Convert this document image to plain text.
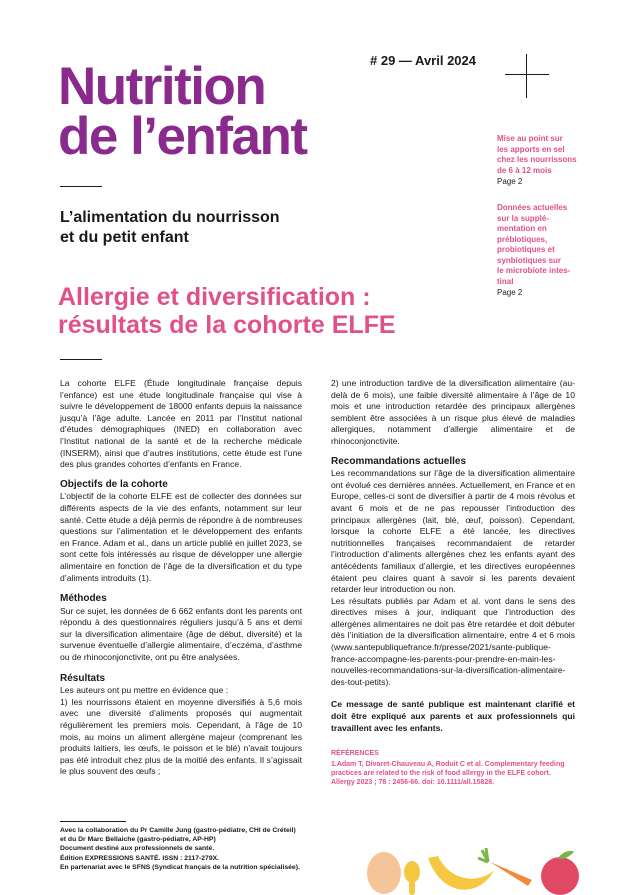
Nutrition
de l’enfant
# 29 — Avril 2024
L’alimentation du nourrisson
et du petit enfant
Allergie et diversification :
résultats de la cohorte ELFE
Mise au point sur
les apports en sel
chez les nourrissons
de 6 à 12 mois
Page 2
Données actuelles
sur la supplé-
mentation en
prébiotiques,
probiotiques et
synbiotiques sur
le microbiote intes-
tinal
Page 2

La cohorte ELFE (Étude longitudinale française depuis l’enfance) est une étude longitudinale française qui vise à suivre le développement de 18000 enfants depuis la naissance jusqu’à l’âge adulte. Lancée en 2011 par l’Institut national d’études démographiques (INED) en collaboration avec l’Institut national de la santé et de la recherche médicale (INSERM), ainsi que d’autres institutions, cette étude est l’une des plus grandes cohortes d’enfants en France.

Objectifs de la cohorte

L’objectif de la cohorte ELFE est de collecter des données sur différents aspects de la vie des enfants, notamment sur leur santé. Cette étude a déjà permis de répondre à de nombreuses questions sur l’alimentation et le développement des enfants en France. Adam et al., dans un article publié en juillet 2023, se sont cette fois intéressés au risque de développer une allergie alimentaire en fonction de l’âge de la diversification et du type d’aliments introduits (1).

Méthodes

Sur ce sujet, les données de 6 662 enfants dont les parents ont répondu à des questionnaires réguliers jusqu’à 5 ans et demi sur la diversification alimentaire (âge de début, diversité) et la survenue éventuelle d’allergie alimentaire, d’eczéma, d’asthme ou de rhinoconjonctivite, ont pu être analysées.

Résultats

Les auteurs ont pu mettre en évidence que :

1) les nourrissons étaient en moyenne diversifiés à 5,6 mois avec une diversité d’aliments proposés qui augmentait régulièrement les premiers mois. Cependant, à l’âge de 10 mois, au moins un aliment allergène majeur (comprenant les produits laitiers, les œufs, le poisson et le blé) n’avait toujours pas été introduit chez plus de la moitié des enfants. Il s’agissait le plus souvent des œufs ;

2) une introduction tardive de la diversification alimentaire (au-delà de 6 mois), une faible diversité alimentaire à l’âge de 10 mois et une introduction retardée des principaux allergènes semblent être associées à un risque plus élevé de maladies allergiques, notamment d’allergie alimentaire et de rhinoconjonctivite.

Recommandations actuelles

Les recommandations sur l’âge de la diversification alimentaire ont évolué ces dernières années. Actuellement, en France et en Europe, celles-ci sont de diversifier à partir de 4 mois révolus et avant 6 mois et de ne pas repousser l’introduction des principaux allergènes (lait, blé, œuf, poisson). Cependant, lorsque la cohorte ELFE a été lancée, les directives nutritionnelles françaises recommandaient de retarder l’introduction d’aliments allergènes chez les enfants ayant des antécédents familiaux d’allergie, et les directives européennes étaient peu claires quant à savoir si les parents devaient retarder leur introduction ou non.

Les résultats publiés par Adam et al. vont dans le sens des directives mises à jour, indiquant que l’introduction des allergènes alimentaires ne doit pas être retardée et doit débuter dès l’initiation de la diversification alimentaire, entre 4 et 6 mois (www.santepubliquefrance.fr/presse/2021/sante-publique-france-accompagne-les-parents-pour-prendre-en-main-les-nouvelles-recommandations-sur-la-diversification-alimentaire-des-tout-petits).

Ce message de santé publique est maintenant clarifié et doit être expliqué aux parents et aux professionnels qui travaillent avec les enfants.

RÉFÉRENCES
1.Adam T, Divaret-Chauveau A, Roduit C et al. Complementary feeding practices are related to the risk of food allergy in the ELFE cohort. Allergy 2023 ; 78 : 2456-66. doi: 10.1111/all.15828.
Avec la collaboration du Pr Camille Jung (gastro-pédiatre, CHI de Créteil)
et du Dr Marc Bellaiche (gastro-pédiatre, AP-HP)
Document destiné aux professionnels de santé.
Édition EXPRESSIONS SANTÉ. ISSN : 2117-279X.
En partenariat avec le SFNS (Syndicat français de la nutrition spécialisée).
